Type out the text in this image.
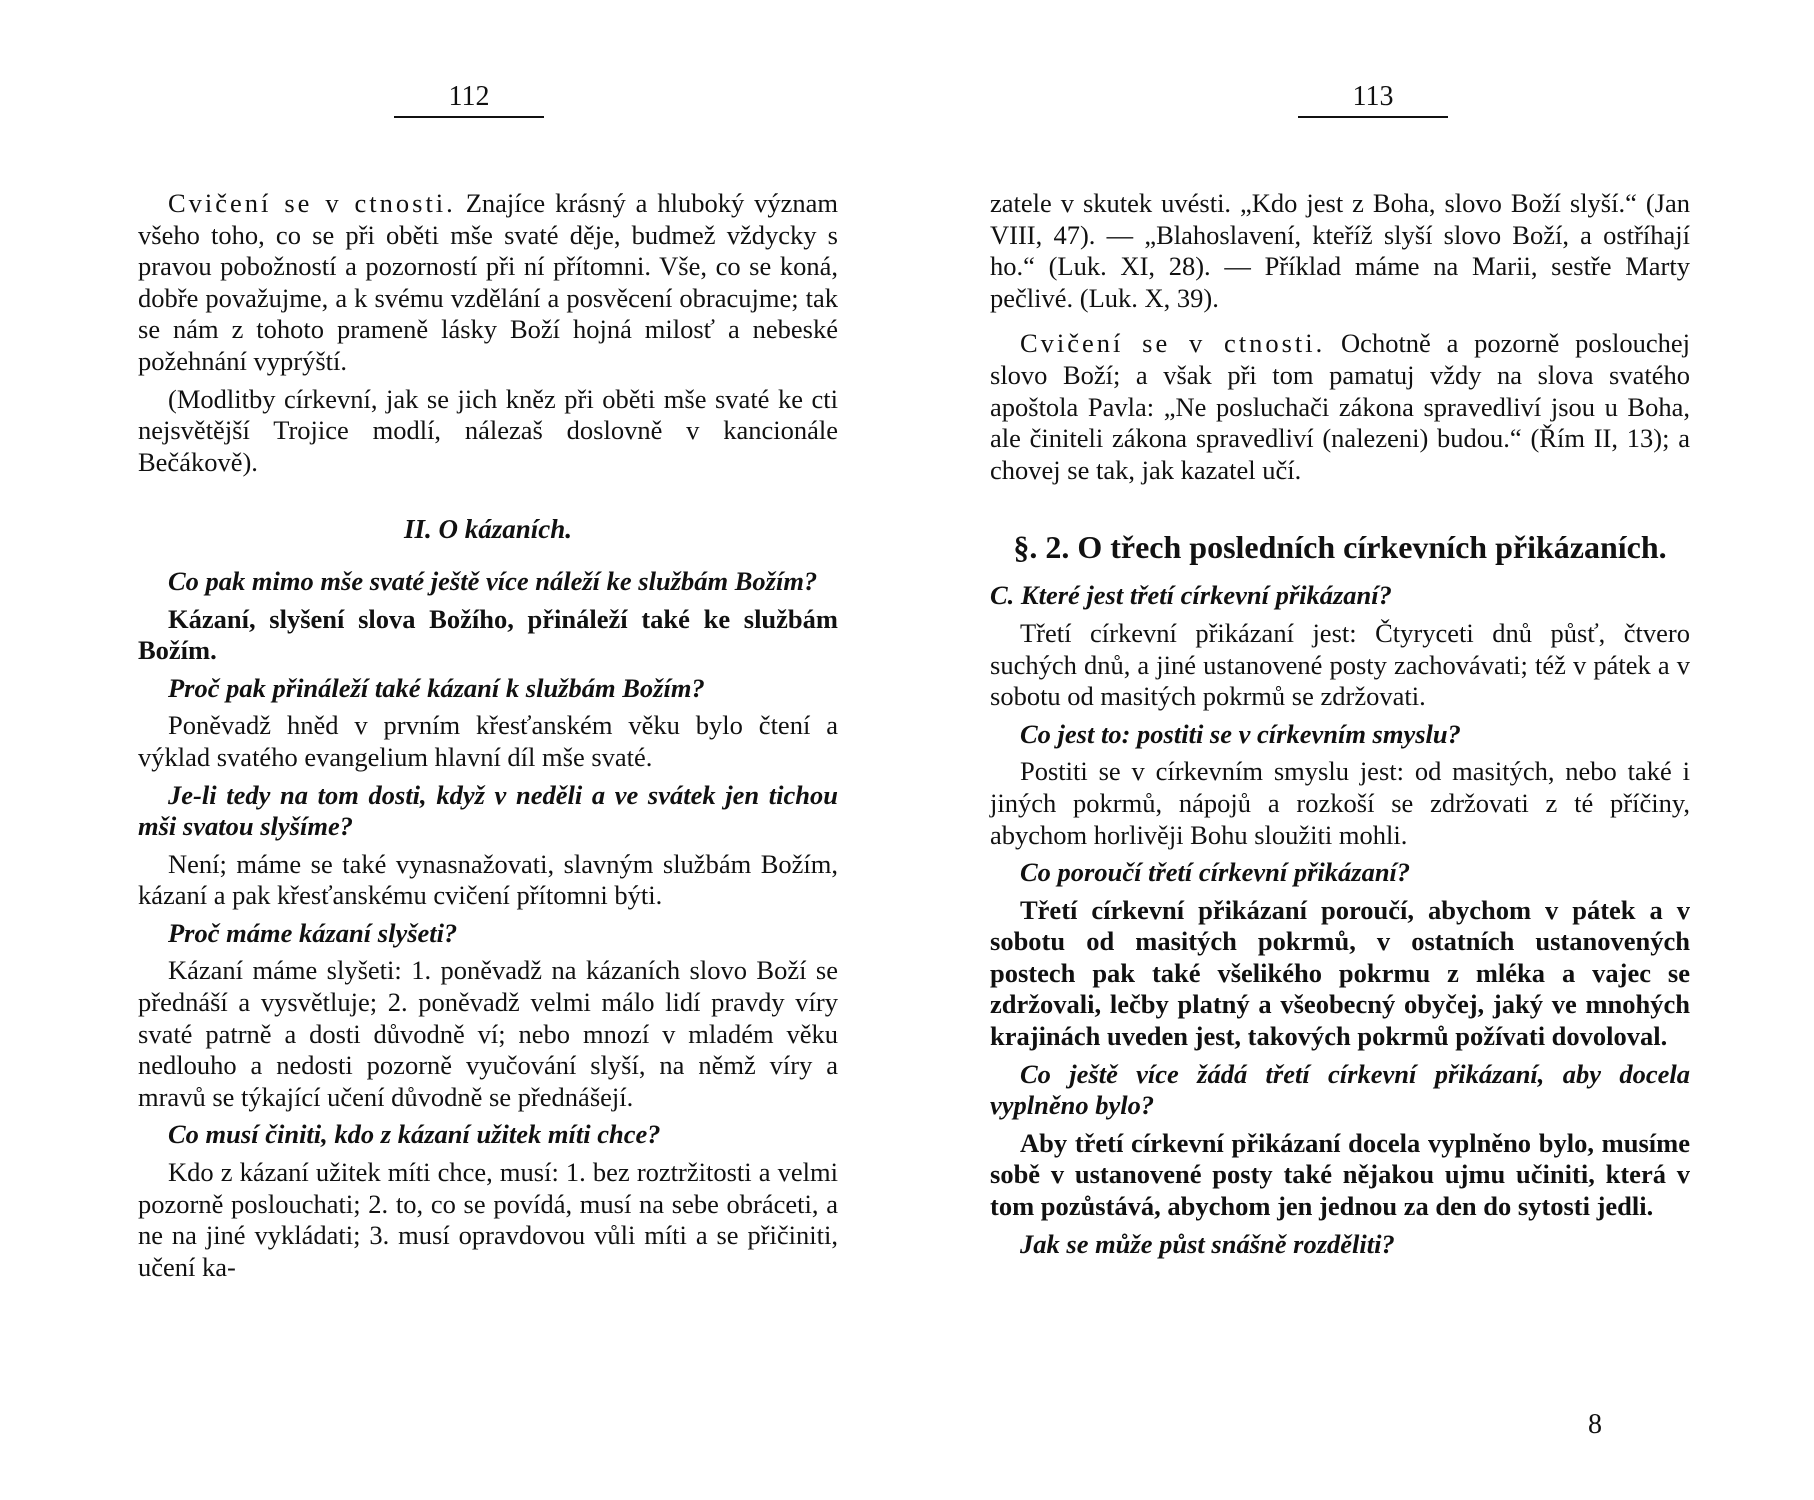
112

Cvičení se v ctnosti. Znajíce krásný a hluboký význam všeho toho, co se při oběti mše svaté děje, budmež vždycky s pravou pobožností a pozorností při ní přítomni. Vše, co se koná, dobře považujme, a k svému vzdělání a posvěcení obracujme; tak se nám z tohoto prameně lásky Boží hojná milosť a nebeské požehnání vyprýští.

(Modlitby církevní, jak se jich kněz při oběti mše svaté ke cti nejsvětější Trojice modlí, nálezaš doslovně v kancionále Bečákově).

II. O kázaních.

Co pak mimo mše svaté ještě více náleží ke službám Božím?

Kázaní, slyšení slova Božího, přináleží také ke službám Božím.

Proč pak přináleží také kázaní k službám Božím?

Poněvadž hněd v prvním křesťanském věku bylo čtení a výklad svatého evangelium hlavní díl mše svaté.

Je-li tedy na tom dosti, když v neděli a ve svátek jen tichou mši svatou slyšíme?

Není; máme se také vynasnažovati, slavným službám Božím, kázaní a pak křesťanskému cvičení přítomni býti.

Proč máme kázaní slyšeti?

Kázaní máme slyšeti: 1. poněvadž na kázaních slovo Boží se přednáší a vysvětluje; 2. poněvadž velmi málo lidí pravdy víry svaté patrně a dosti důvodně ví; nebo mnozí v mladém věku nedlouho a nedosti pozorně vyučování slyší, na němž víry a mravů se týkající učení důvodně se přednášejí.

Co musí činiti, kdo z kázaní užitek míti chce?

Kdo z kázaní užitek míti chce, musí: 1. bez roztržitosti a velmi pozorně poslouchati; 2. to, co se povídá, musí na sebe obráceti, a ne na jiné vykládati; 3. musí opravdovou vůli míti a se přičiniti, učení ka-

113

zatele v skutek uvésti. „Kdo jest z Boha, slovo Boží slyší.“ (Jan VIII, 47). — „Blahoslavení, kteříž slyší slovo Boží, a ostříhají ho.“ (Luk. XI, 28). — Příklad máme na Marii, sestře Marty pečlivé. (Luk. X, 39).

Cvičení se v ctnosti. Ochotně a pozorně poslouchej slovo Boží; a však při tom pamatuj vždy na slova svatého apoštola Pavla: „Ne posluchači zákona spravedliví jsou u Boha, ale činiteli zákona spravedliví (nalezeni) budou.“ (Řím II, 13); a chovej se tak, jak kazatel učí.

§. 2. O třech posledních církevních přikázaních.

C. Které jest třetí církevní přikázaní?

Třetí církevní přikázaní jest: Čtyryceti dnů půsť, čtvero suchých dnů, a jiné ustanovené posty zachovávati; též v pátek a v sobotu od masitých pokrmů se zdržovati.

Co jest to: postiti se v církevním smyslu?

Postiti se v církevním smyslu jest: od masitých, nebo také i jiných pokrmů, nápojů a rozkoší se zdržovati z té příčiny, abychom horlivěji Bohu sloužiti mohli.

Co poroučí třetí církevní přikázaní?

Třetí církevní přikázaní poroučí, abychom v pátek a v sobotu od masitých pokrmů, v ostatních ustanovených postech pak také všelikého pokrmu z mléka a vajec se zdržovali, lečby platný a všeobecný obyčej, jaký ve mnohých krajinách uveden jest, takových pokrmů požívati dovoloval.

Co ještě více žádá třetí církevní přikázaní, aby docela vyplněno bylo?

Aby třetí církevní přikázaní docela vyplněno bylo, musíme sobě v ustanovené posty také nějakou ujmu učiniti, která v tom pozůstává, abychom jen jednou za den do sytosti jedli.

Jak se může půst snášně rozděliti?

8
